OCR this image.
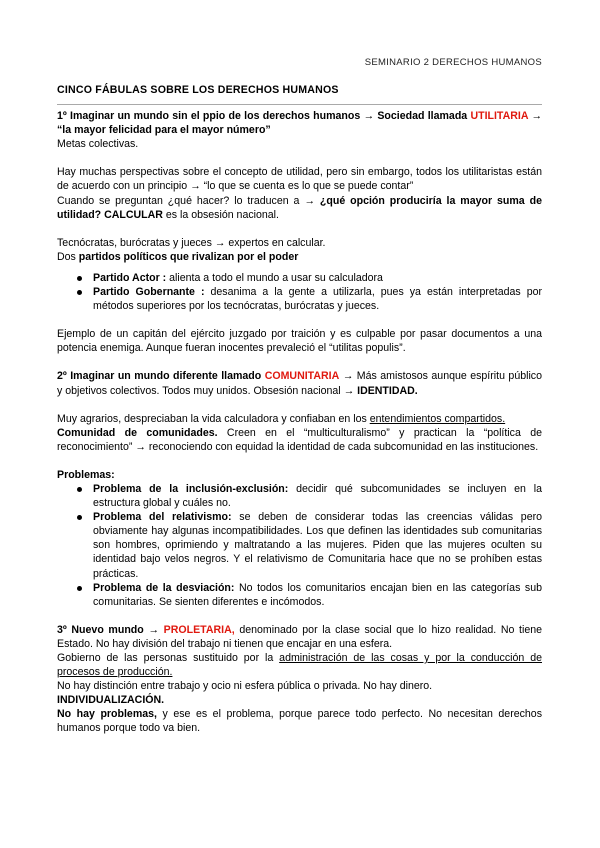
SEMINARIO 2 DERECHOS HUMANOS

CINCO FÁBULAS SOBRE LOS DERECHOS HUMANOS

1º Imaginar un mundo sin el ppio de los derechos humanos → Sociedad llamada UTILITARIA → “la mayor felicidad para el mayor número”

Metas colectivas.

Hay muchas perspectivas sobre el concepto de utilidad, pero sin embargo, todos los utilitaristas están de acuerdo con un principio → “lo que se cuenta es lo que se puede contar”

Cuando se preguntan ¿qué hacer? lo traducen a → ¿qué opción produciría la mayor suma de utilidad? CALCULAR es la obsesión nacional.

Tecnócratas, burócratas y jueces → expertos en calcular.

Dos partidos políticos que rivalizan por el poder

Partido Actor : alienta a todo el mundo a usar su calculadora
Partido Gobernante : desanima a la gente a utilizarla, pues ya están interpretadas por métodos superiores por los tecnócratas, burócratas y jueces.

Ejemplo de un capitán del ejército juzgado por traición y es culpable por pasar documentos a una potencia enemiga. Aunque fueran inocentes prevaleció el “utilitas populis”.

2º Imaginar un mundo diferente llamado COMUNITARIA → Más amistosos aunque espíritu público y objetivos colectivos. Todos muy unidos. Obsesión nacional → IDENTIDAD.

Muy agrarios, despreciaban la vida calculadora y confiaban en los entendimientos compartidos.

Comunidad de comunidades. Creen en el “multiculturalismo” y practican la “política de reconocimiento” → reconociendo con equidad la identidad de cada subcomunidad en las instituciones.

Problemas:

Problema de la inclusión-exclusión: decidir qué subcomunidades se incluyen en la estructura global y cuáles no.
Problema del relativismo: se deben de considerar todas las creencias válidas pero obviamente hay algunas incompatibilidades. Los que definen las identidades sub comunitarias son hombres, oprimiendo y maltratando a las mujeres. Piden que las mujeres oculten su identidad bajo velos negros. Y el relativismo de Comunitaria hace que no se prohíben estas prácticas.
Problema de la desviación: No todos los comunitarios encajan bien en las categorías sub comunitarias. Se sienten diferentes e incómodos.

3º Nuevo mundo → PROLETARIA, denominado por la clase social que lo hizo realidad. No tiene Estado. No hay división del trabajo ni tienen que encajar en una esfera.

Gobierno de las personas sustituido por la administración de las cosas y por la conducción de procesos de producción.

No hay distinción entre trabajo y ocio ni esfera pública o privada. No hay dinero.

INDIVIDUALIZACIÓN.

No hay problemas, y ese es el problema, porque parece todo perfecto. No necesitan derechos humanos porque todo va bien.
